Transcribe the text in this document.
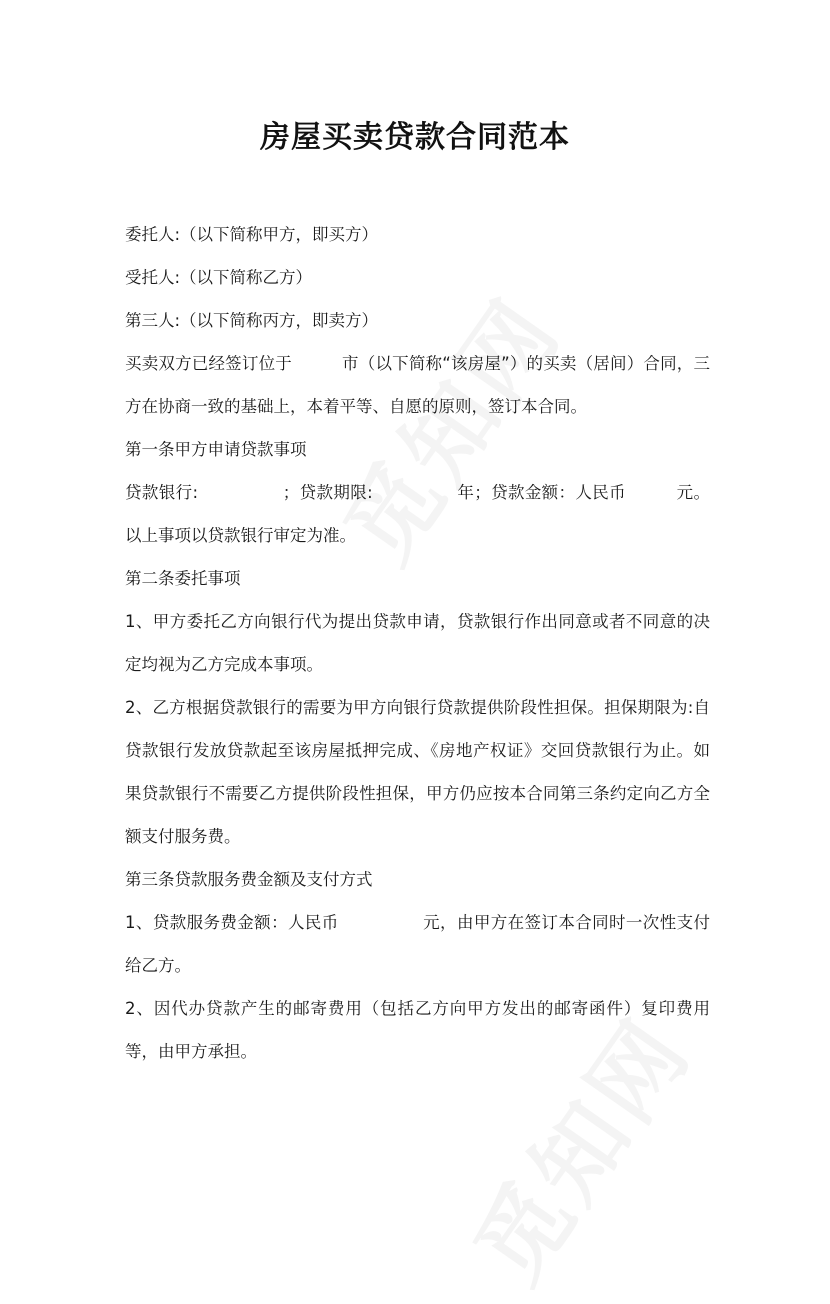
房屋买卖贷款合同范本

委托人:（以下简称甲方，即买方）

受托人:（以下简称乙方）

第三人:（以下简称丙方，即卖方）

买卖双方已经签订位于　　　市（以下简称“该房屋”）的买卖（居间）合同，三方在协商一致的基础上，本着平等、自愿的原则，签订本合同。

第一条甲方申请贷款事项

贷款银行:　　　　　；贷款期限:　　　　　年；贷款金额：人民币　　　元。以上事项以贷款银行审定为准。

第二条委托事项

1、甲方委托乙方向银行代为提出贷款申请，贷款银行作出同意或者不同意的决定均视为乙方完成本事项。

2、乙方根据贷款银行的需要为甲方向银行贷款提供阶段性担保。担保期限为:自贷款银行发放贷款起至该房屋抵押完成、《房地产权证》交回贷款银行为止。如果贷款银行不需要乙方提供阶段性担保，甲方仍应按本合同第三条约定向乙方全额支付服务费。

第三条贷款服务费金额及支付方式

1、贷款服务费金额：人民币　　　　　元，由甲方在签订本合同时一次性支付给乙方。

2、因代办贷款产生的邮寄费用（包括乙方向甲方发出的邮寄函件）复印费用等，由甲方承担。
